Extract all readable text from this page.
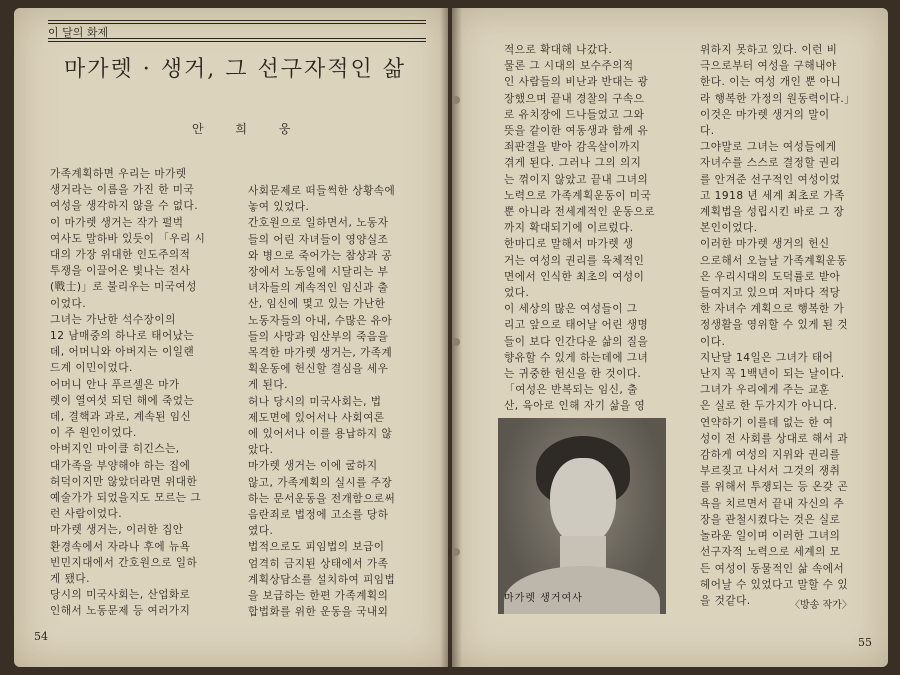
이 달의 화제
마가렛 · 생거, 그 선구자적인 삶
안 희 웅

가족계획하면 우리는 마가렛

생거라는 이름을 가진 한 미국

여성을 생각하지 않을 수 없다.

이 마가렛 생거는 작가 펄벅

여사도 말하바 있듯이 「우리 시

대의 가장 위대한 인도주의적

투쟁을 이끌어온 빛나는 전사

(戰士)」로 불리우는 미국여성

이었다.

그녀는 가난한 석수장이의

12 남매중의 하나로 태어났는

데, 어머니와 아버지는 이일랜

드계 이민이었다.

어머니 안나 푸르셀은 마가

렛이 열여섯 되던 해에 죽었는

데, 결핵과 과로, 계속된 임신

이 주 원인이었다.

아버지인 마이클 히긴스는,

대가족을 부양해야 하는 집에

허덕이지만 않았더라면 위대한

예술가가 되었을지도 모르는 그

런 사람이었다.

마가렛 생거는, 이러한 집안

환경속에서 자라나 후에 뉴욕

빈민지대에서 간호원으로 일하

게 됐다.

당시의 미국사회는, 산업화로

인해서 노동문제 등 여러가지

사회문제로 떠들썩한 상황속에

놓여 있었다.

간호원으로 일하면서, 노동자

들의 어린 자녀들이 영양실조

와 병으로 죽어가는 참상과 공

장에서 노동일에 시달리는 부

녀자들의 계속적인 임신과 출

산, 임신에 몇고 있는 가난한

노동자들의 아내, 수많은 유아

들의 사망과 임산부의 죽음을

목격한 마가렛 생거는, 가족계

획운동에 헌신할 결심을 세우

게 된다.

허나 당시의 미국사회는, 법

제도면에 있어서나 사회여론

에 있어서나 이를 용납하지 않

았다.

마가렛 생거는 이에 굴하지

않고, 가족계획의 실시를 주장

하는 문서운동을 전개함으로써

음란죄로 법정에 고소를 당하

였다.

법적으로도 피임법의 보급이

엄격히 금지된 상태에서 가족

계획상담소를 설치하여 피임법

을 보급하는 한편 가족계획의

합법화를 위한 운동을 국내외

적으로 확대해 나갔다.

물론 그 시대의 보수주의적

인 사람들의 비난과 반대는 광

장했으며 끝내 경찰의 구속으

로 유치장에 드나들었고 그와

뜻을 같이한 여동생과 함께 유

죄판결을 받아 감옥살이까지

겪게 된다. 그러나 그의 의지

는 꺾이지 않았고 끝내 그녀의

노력으로 가족계획운동이 미국

뿐 아니라 전세계적인 운동으로

까지 확대되기에 이르렀다.

한마디로 말해서 마가렛 생

거는 여성의 권리를 육체적인

면에서 인식한 최초의 여성이

었다.

이 세상의 많은 여성들이 그

리고 앞으로 태어날 어린 생명

들이 보다 인간다운 삶의 질을

향유할 수 있게 하는데에 그녀

는 귀중한 헌신을 한 것이다.

「여성은 반복되는 임신, 출

산, 육아로 인해 자기 삶을 영

위하지 못하고 있다. 이런 비

극으로부터 여성을 구해내야

한다. 이는 여성 개인 뿐 아니

라 행복한 가정의 원동력이다.」

이것은 마가렛 생거의 말이

다.

그야말로 그녀는 여성들에게

자녀수를 스스로 결정할 권리

를 안겨준 선구적인 여성이었

고 1918 년 세계 최초로 가족

계획법을 성립시킨 바로 그 장

본인이었다.

이러한 마가렛 생거의 헌신

으로해서 오늘날 가족계획운동

은 우리시대의 도덕률로 받아

들여지고 있으며 저마다 적당

한 자녀수 계획으로 행복한 가

정생활을 영위할 수 있게 된 것

이다.

지난달 14일은 그녀가 태어

난지 꼭 1백년이 되는 날이다.

그녀가 우리에게 주는 교훈

은 실로 한 두가지가 아니다.

연약하기 이를데 없는 한 여

성이 전 사회를 상대로 해서 과

감하게 여성의 지위와 권리를

부르짖고 나서서 그것의 쟁취

를 위해서 투쟁되는 등 온갖 곤

욕을 치르면서 끝내 자신의 주

장을 관철시켰다는 것은 실로

놀라운 일이며 이러한 그녀의

선구자적 노력으로 세계의 모

든 여성이 동물적인 삶 속에서

헤어날 수 있었다고 말할 수 있

을 것같다.

마가렛 생거여사
54	55
〈방송 작가〉
